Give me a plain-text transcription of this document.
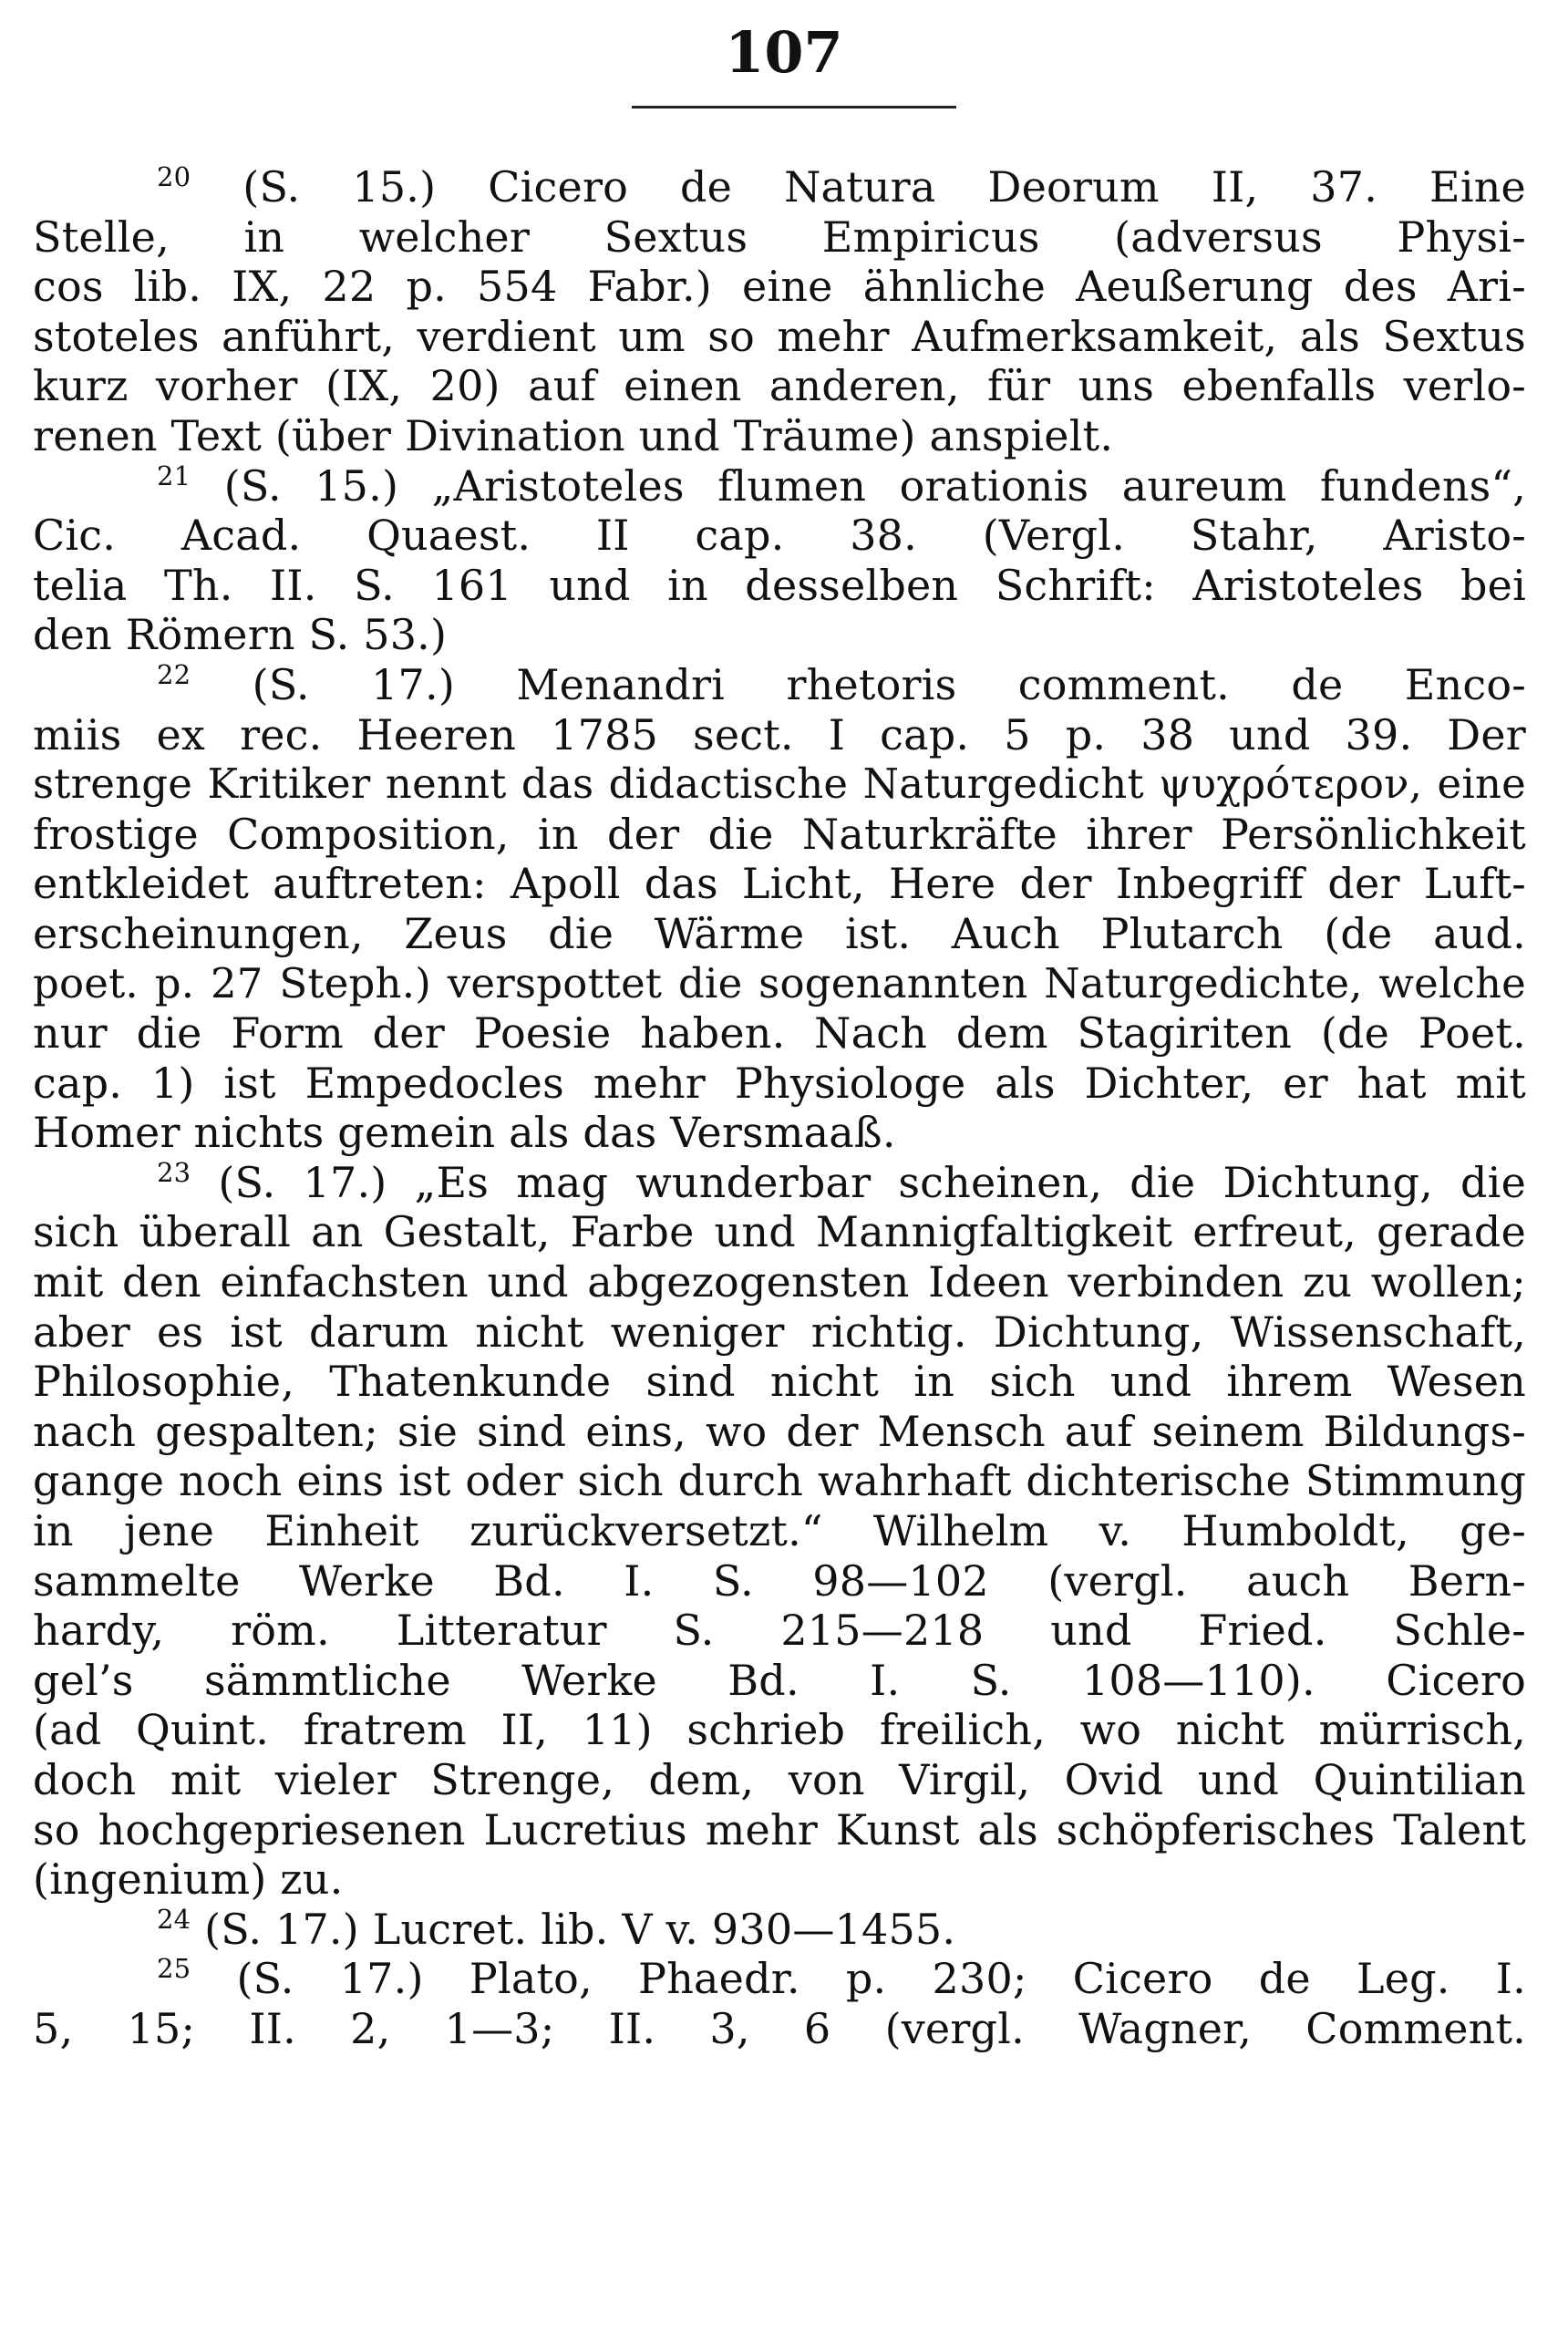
107
$^{20}$ (S. 15.) Cicero de Natura Deorum II, 37. Eine
Stelle, in welcher Sextus Empiricus (adversus Physi-
cos lib. IX, 22 p. 554 Fabr.) eine ähnliche Aeußerung des Ari-
stoteles anführt, verdient um so mehr Aufmerksamkeit, als Sextus
kurz vorher (IX, 20) auf einen anderen, für uns ebenfalls verlo-
renen Text (über Divination und Träume) anspielt.
$^{21}$ (S. 15.) „Aristoteles flumen orationis aureum fundens“,
Cic. Acad. Quaest. II cap. 38. (Vergl. Stahr, Aristo-
telia Th. II. S. 161 und in desselben Schrift: Aristoteles bei
den Römern S. 53.)
$^{22}$ (S. 17.) Menandri rhetoris comment. de Enco-
miis ex rec. Heeren 1785 sect. I cap. 5 p. 38 und 39. Der
strenge Kritiker nennt das didactische Naturgedicht ψυχρότερον, eine
frostige Composition, in der die Naturkräfte ihrer Persönlichkeit
entkleidet auftreten: Apoll das Licht, Here der Inbegriff der Luft-
erscheinungen, Zeus die Wärme ist. Auch Plutarch (de aud.
poet. p. 27 Steph.) verspottet die sogenannten Naturgedichte, welche
nur die Form der Poesie haben. Nach dem Stagiriten (de Poet.
cap. 1) ist Empedocles mehr Physiologe als Dichter, er hat mit
Homer nichts gemein als das Versmaaß.
$^{23}$ (S. 17.) „Es mag wunderbar scheinen, die Dichtung, die
sich überall an Gestalt, Farbe und Mannigfaltigkeit erfreut, gerade
mit den einfachsten und abgezogensten Ideen verbinden zu wollen;
aber es ist darum nicht weniger richtig. Dichtung, Wissenschaft,
Philosophie, Thatenkunde sind nicht in sich und ihrem Wesen
nach gespalten; sie sind eins, wo der Mensch auf seinem Bildungs-
gange noch eins ist oder sich durch wahrhaft dichterische Stimmung
in jene Einheit zurückversetzt.“ Wilhelm v. Humboldt, ge-
sammelte Werke Bd. I. S. 98—102 (vergl. auch Bern-
hardy, röm. Litteratur S. 215—218 und Fried. Schle-
gel’s sämmtliche Werke Bd. I. S. 108—110). Cicero
(ad Quint. fratrem II, 11) schrieb freilich, wo nicht mürrisch,
doch mit vieler Strenge, dem, von Virgil, Ovid und Quintilian
so hochgepriesenen Lucretius mehr Kunst als schöpferisches Talent
(ingenium) zu.
$^{24}$ (S. 17.) Lucret. lib. V v. 930—1455.
$^{25}$ (S. 17.) Plato, Phaedr. p. 230; Cicero de Leg. I.
5, 15; II. 2, 1—3; II. 3, 6 (vergl. Wagner, Comment.
